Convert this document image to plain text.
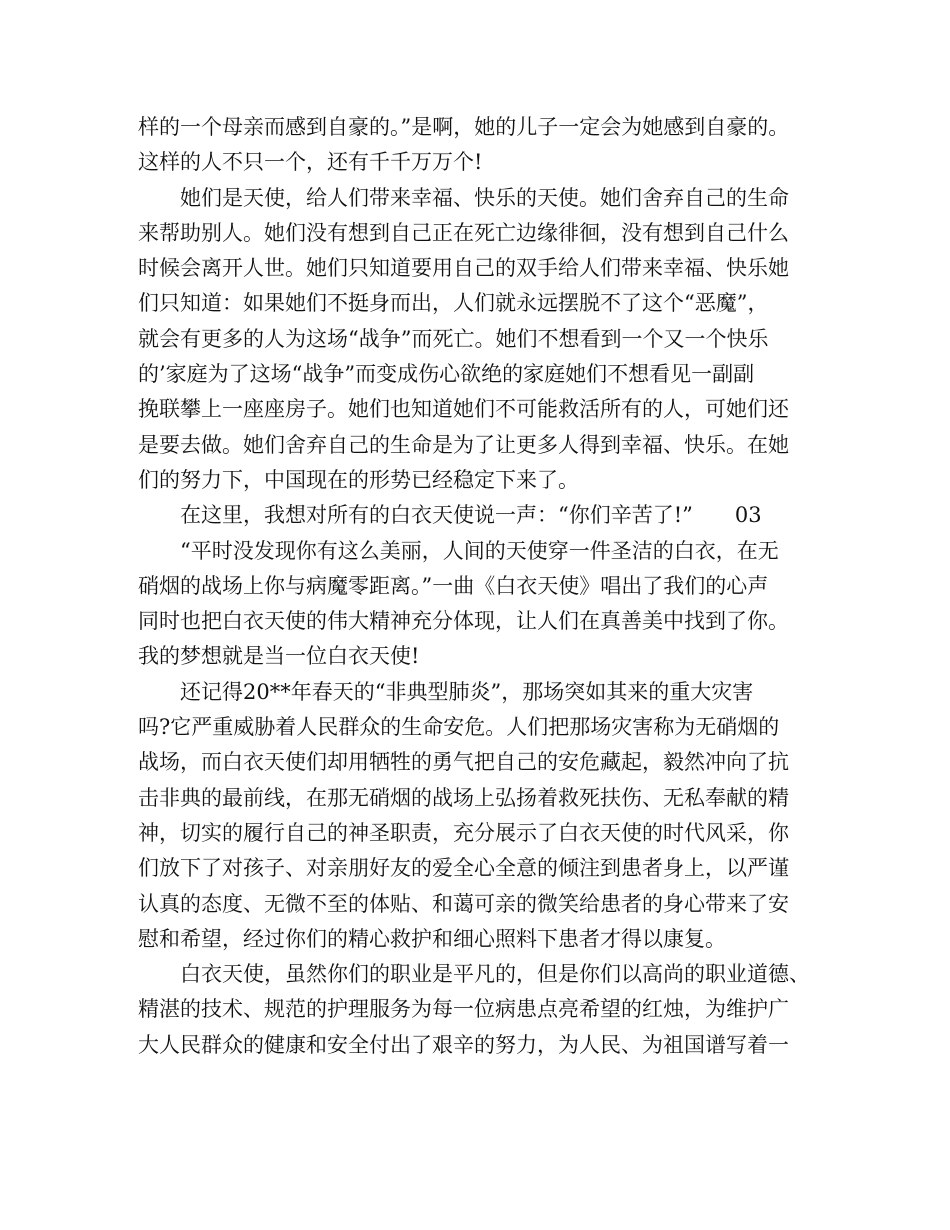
样的一个母亲而感到自豪的。”是啊，她的儿子一定会为她感到自豪的。
这样的人不只一个，还有千千万万个!
她们是天使，给人们带来幸福、快乐的天使。她们舍弃自己的生命
来帮助别人。她们没有想到自己正在死亡边缘徘徊，没有想到自己什么
时候会离开人世。她们只知道要用自己的双手给人们带来幸福、快乐她
们只知道：如果她们不挺身而出，人们就永远摆脱不了这个“恶魔”，
就会有更多的人为这场“战争”而死亡。她们不想看到一个又一个快乐
的’家庭为了这场“战争”而变成伤心欲绝的家庭她们不想看见一副副
挽联攀上一座座房子。她们也知道她们不可能救活所有的人，可她们还
是要去做。她们舍弃自己的生命是为了让更多人得到幸福、快乐。在她
们的努力下，中国现在的形势已经稳定下来了。
在这里，我想对所有的白衣天使说一声：“你们辛苦了!”　　03
“平时没发现你有这么美丽，人间的天使穿一件圣洁的白衣，在无
硝烟的战场上你与病魔零距离。”一曲《白衣天使》唱出了我们的心声
同时也把白衣天使的伟大精神充分体现，让人们在真善美中找到了你。
我的梦想就是当一位白衣天使!
还记得20**年春天的“非典型肺炎”，那场突如其来的重大灾害
吗?它严重威胁着人民群众的生命安危。人们把那场灾害称为无硝烟的
战场，而白衣天使们却用牺牲的勇气把自己的安危藏起，毅然冲向了抗
击非典的最前线，在那无硝烟的战场上弘扬着救死扶伤、无私奉献的精
神，切实的履行自己的神圣职责，充分展示了白衣天使的时代风采，你
们放下了对孩子、对亲朋好友的爱全心全意的倾注到患者身上，以严谨
认真的态度、无微不至的体贴、和蔼可亲的微笑给患者的身心带来了安
慰和希望，经过你们的精心救护和细心照料下患者才得以康复。
白衣天使，虽然你们的职业是平凡的，但是你们以高尚的职业道德、
精湛的技术、规范的护理服务为每一位病患点亮希望的红烛，为维护广
大人民群众的健康和安全付出了艰辛的努力，为人民、为祖国谱写着一
